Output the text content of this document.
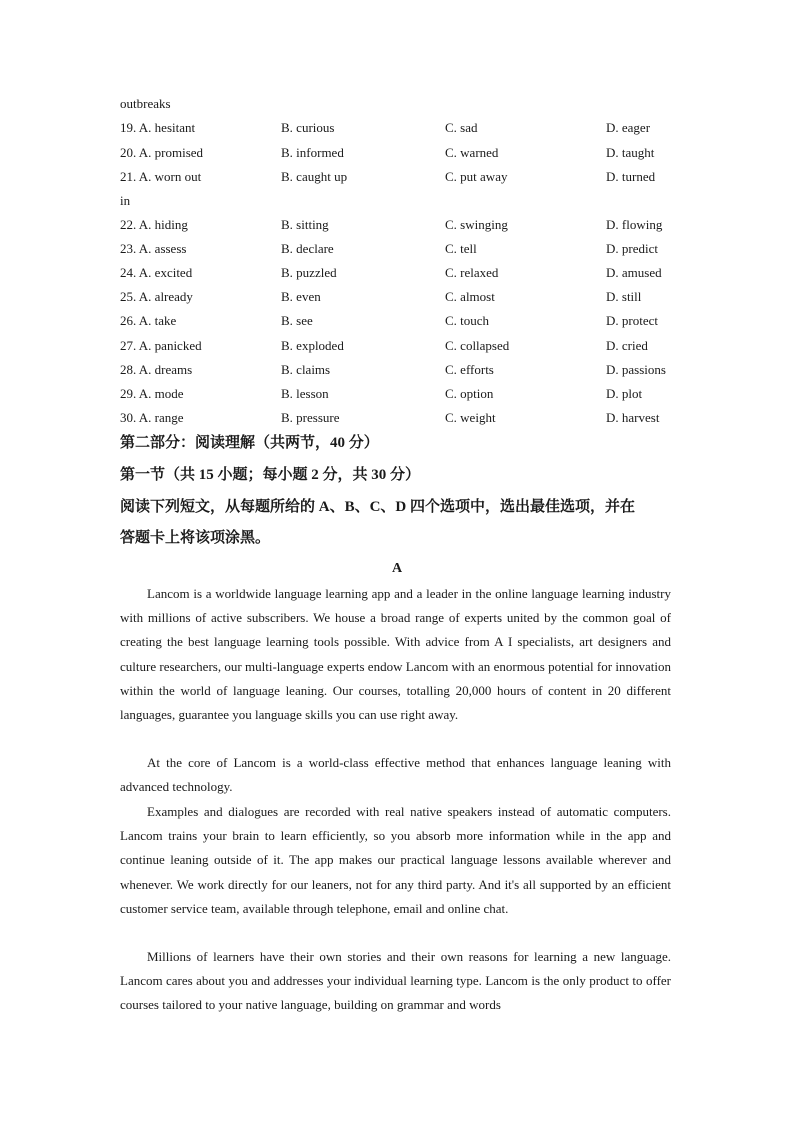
outbreaks
19. A. hesitant	B. curious	C. sad	D. eager
20. A. promised	B. informed	C. warned	D. taught
21. A. worn out	B. caught up	C. put away	D. turned
in
22. A. hiding	B. sitting	C. swinging	D. flowing
23. A. assess	B. declare	C. tell	D. predict
24. A. excited	B. puzzled	C. relaxed	D. amused
25. A. already	B. even	C. almost	D. still
26. A. take	B. see	C. touch	D. protect
27. A. panicked	B. exploded	C. collapsed	D. cried
28. A. dreams	B. claims	C. efforts	D. passions
29. A. mode	B. lesson	C. option	D. plot
30. A. range	B. pressure	C. weight	D. harvest
第二部分：阅读理解（共两节，40 分）
第一节（共 15 小题；每小题 2 分，共 30 分）
阅读下列短文，从每题所给的 A、B、C、D 四个选项中，选出最佳选项，并在
答题卡上将该项涂黑。
A
Lancom is a worldwide language learning app and a leader in the online language learning industry with millions of active subscribers. We house a broad range of experts united by the common goal of creating the best language learning tools possible. With advice from A I specialists, art designers and culture researchers, our multi-language experts endow Lancom with an enormous potential for innovation within the world of language leaning. Our courses, totalling 20,000 hours of content in 20 different languages, guarantee you language skills you can use right away.
At the core of Lancom is a world-class effective method that enhances language leaning with advanced technology.
Examples and dialogues are recorded with real native speakers instead of automatic computers. Lancom trains your brain to learn efficiently, so you absorb more information while in the app and continue leaning outside of it. The app makes our practical language lessons available wherever and whenever. We work directly for our leaners, not for any third party. And it's all supported by an efficient customer service team, available through telephone, email and online chat.
Millions of learners have their own stories and their own reasons for learning a new language. Lancom cares about you and addresses your individual learning type. Lancom is the only product to offer courses tailored to your native language, building on grammar and words
